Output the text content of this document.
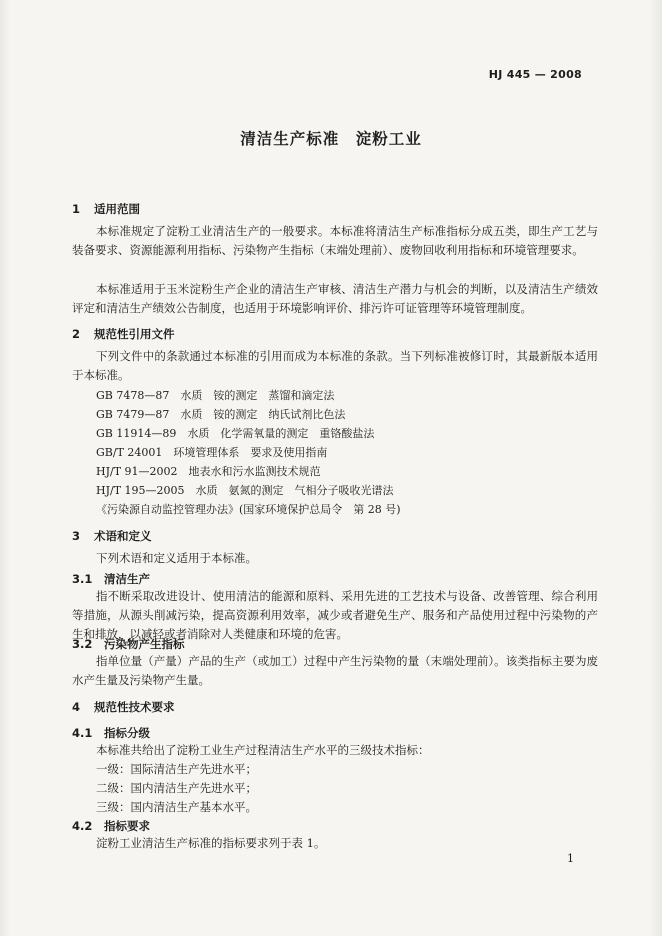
HJ 445 — 2008
清洁生产标准　淀粉工业
1 适用范围
本标准规定了淀粉工业清洁生产的一般要求。本标准将清洁生产标准指标分成五类，即生产工艺与装备要求、资源能源利用指标、污染物产生指标（末端处理前）、废物回收利用指标和环境管理要求。
本标准适用于玉米淀粉生产企业的清洁生产审核、清洁生产潜力与机会的判断，以及清洁生产绩效评定和清洁生产绩效公告制度，也适用于环境影响评价、排污许可证管理等环境管理制度。
2 规范性引用文件
下列文件中的条款通过本标准的引用而成为本标准的条款。当下列标准被修订时，其最新版本适用于本标准。
GB 7478—87　水质　铵的测定　蒸馏和滴定法
GB 7479—87　水质　铵的测定　纳氏试剂比色法
GB 11914—89　水质　化学需氧量的测定　重铬酸盐法
GB/T 24001　环境管理体系　要求及使用指南
HJ/T 91—2002　地表水和污水监测技术规范
HJ/T 195—2005　水质　氨氮的测定　气相分子吸收光谱法
《污染源自动监控管理办法》(国家环境保护总局令　第 28 号)
3 术语和定义
下列术语和定义适用于本标准。
3.1 清洁生产
指不断采取改进设计、使用清洁的能源和原料、采用先进的工艺技术与设备、改善管理、综合利用等措施，从源头削减污染，提高资源利用效率，减少或者避免生产、服务和产品使用过程中污染物的产生和排放，以减轻或者消除对人类健康和环境的危害。
3.2 污染物产生指标
指单位量（产量）产品的生产（或加工）过程中产生污染物的量（末端处理前）。该类指标主要为废水产生量及污染物产生量。
4 规范性技术要求
4.1 指标分级
本标准共给出了淀粉工业生产过程清洁生产水平的三级技术指标：
一级：国际清洁生产先进水平；
二级：国内清洁生产先进水平；
三级：国内清洁生产基本水平。
4.2 指标要求
淀粉工业清洁生产标准的指标要求列于表 1。
1
